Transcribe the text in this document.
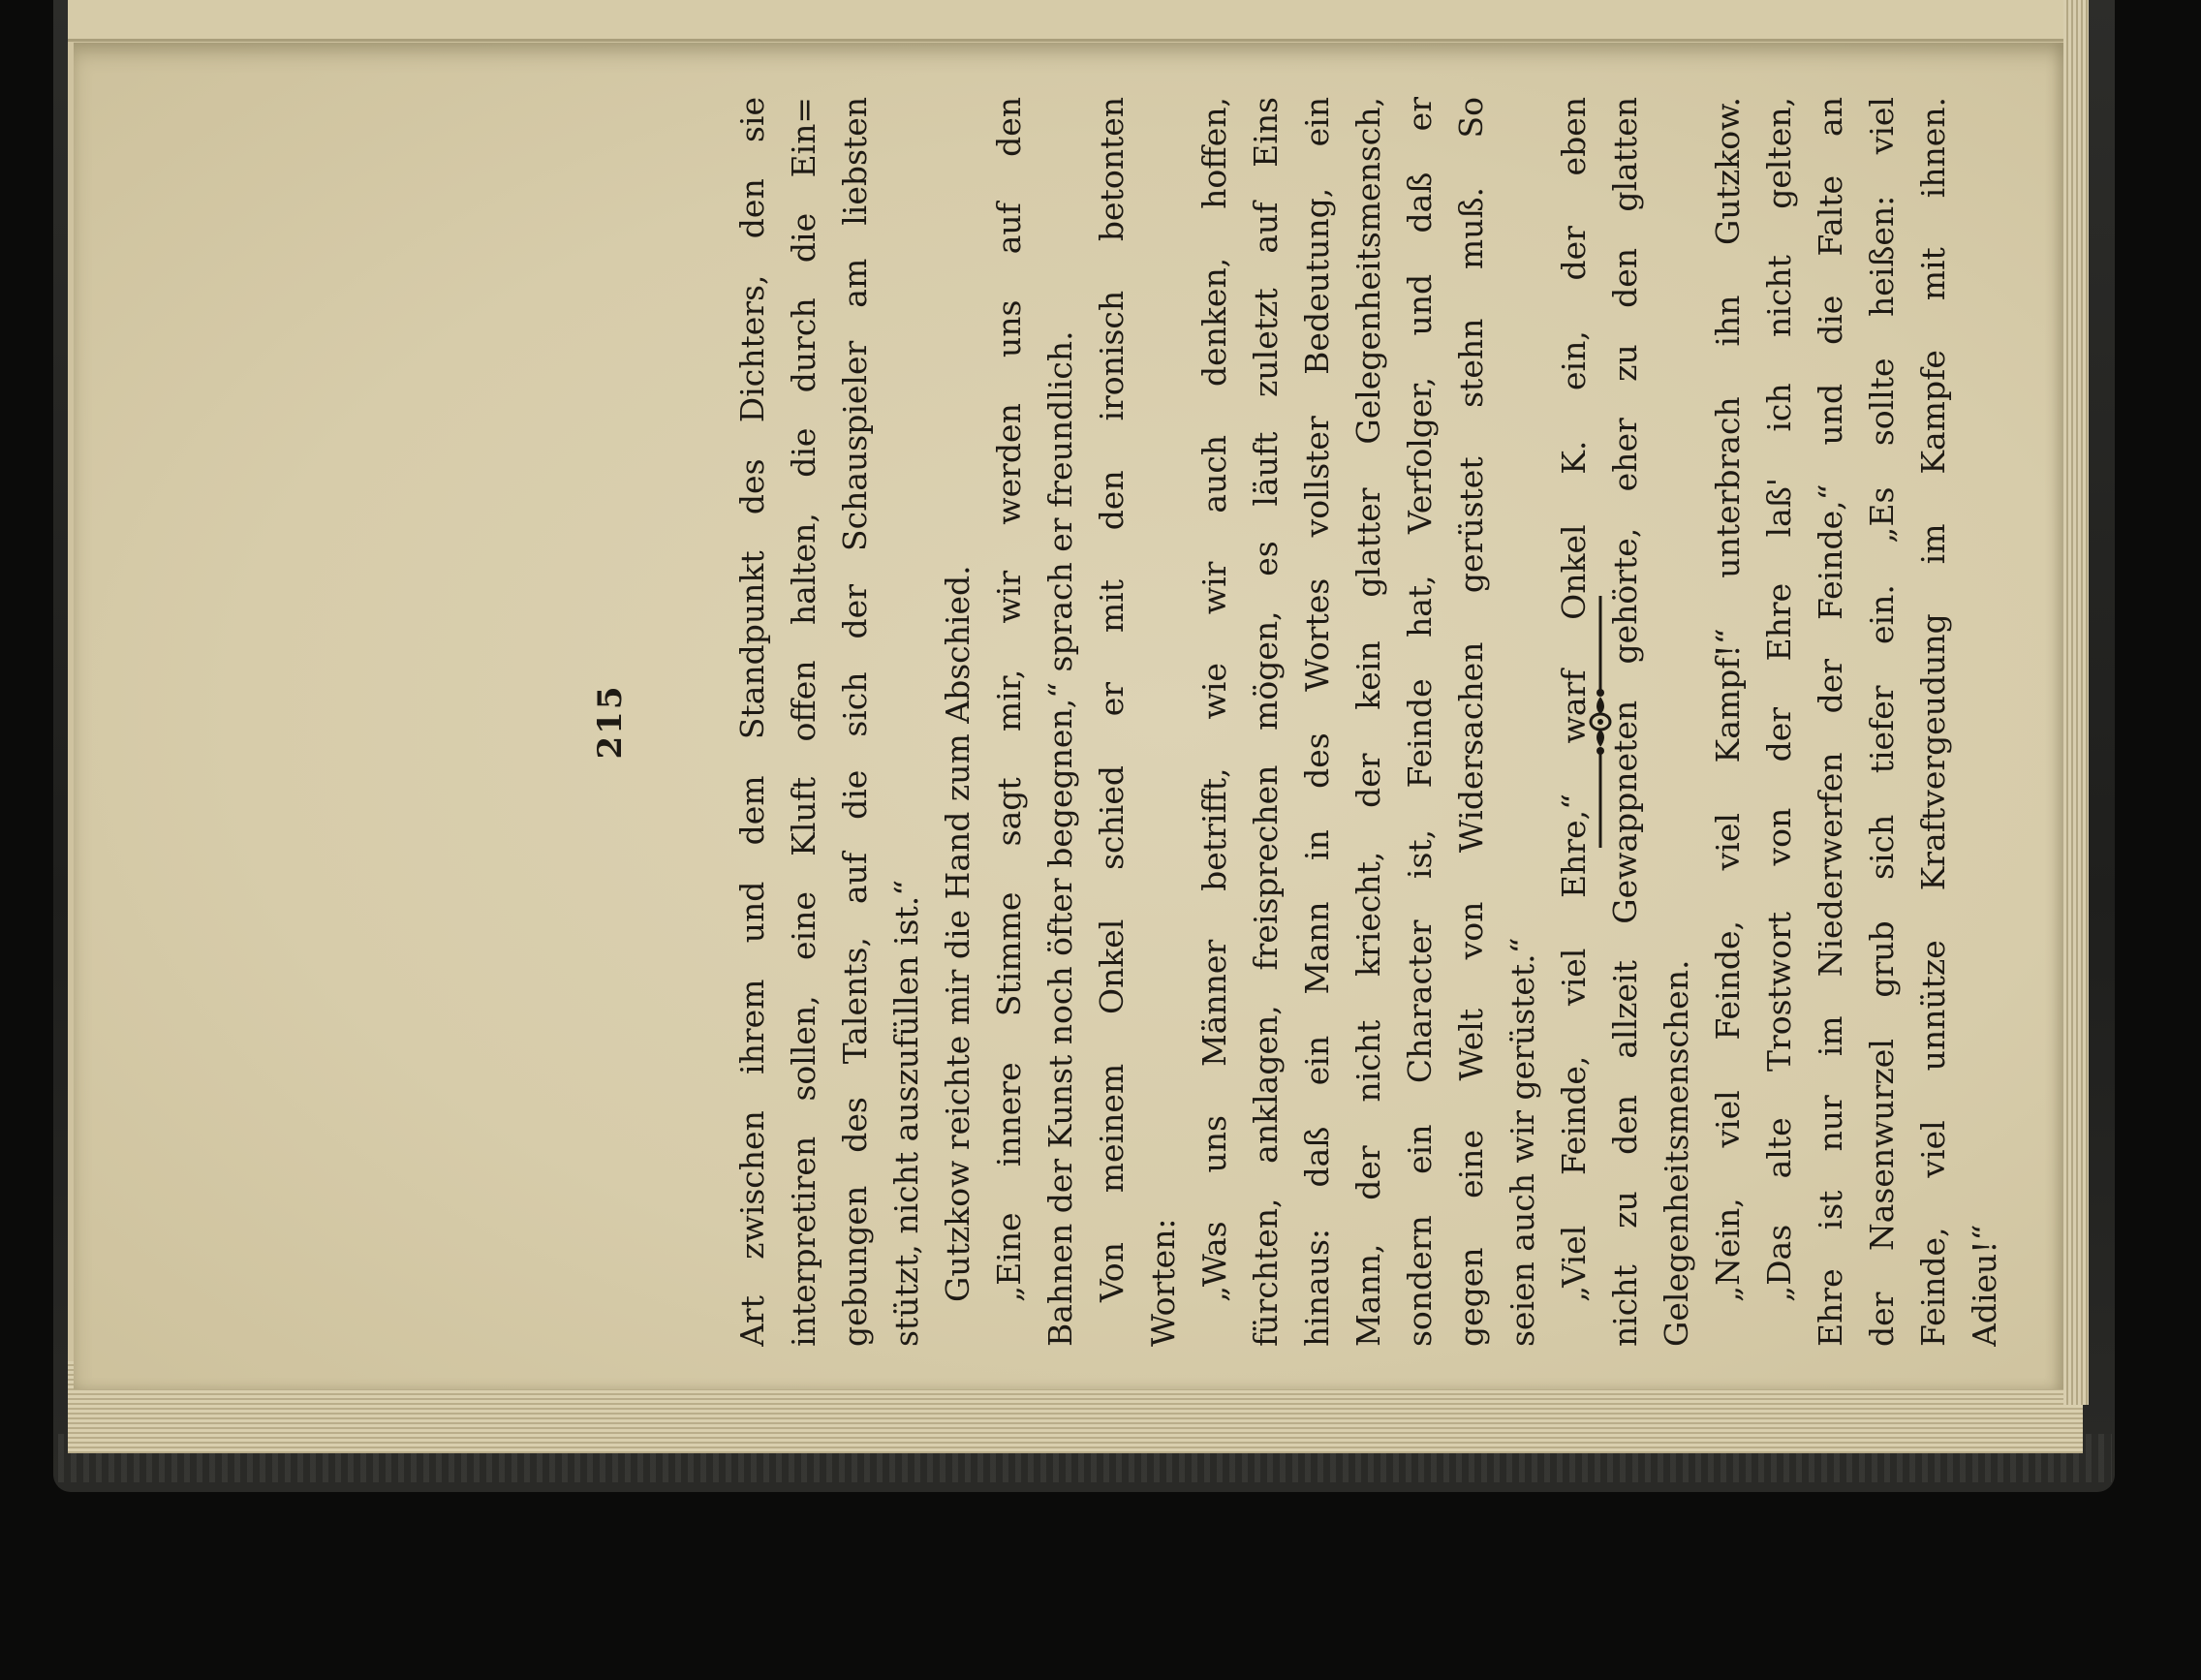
215	Art zwischen ihrem und dem Standpunkt des Dichters, den sie interpretiren sollen, eine Kluft offen halten, die durch die Ein= gebungen des Talents, auf die sich der Schauspieler am liebsten stützt, nicht auszufüllen ist.“ Gutzkow reichte mir die Hand zum Abschied. „Eine innere Stimme sagt mir, wir werden uns auf den Bahnen der Kunst noch öfter begegnen,“ sprach er freundlich. Von meinem Onkel schied er mit den ironisch betonten Worten: „Was uns Männer betrifft, wie wir auch denken, hoffen, fürchten, anklagen, freisprechen mögen, es läuft zuletzt auf Eins hinaus: daß ein Mann in des Wortes vollster Bedeutung, ein Mann, der nicht kriecht, der kein glatter Gelegenheitsmensch, sondern ein Character ist, Feinde hat, Verfolger, und daß er gegen eine Welt von Widersachen gerüstet stehn muß. So seien auch wir gerüstet.“ „Viel Feinde, viel Ehre,“ warf Onkel K. ein, der eben nicht zu den allzeit Gewappneten gehörte, eher zu den glatten Gelegenheitsmenschen. „Nein, viel Feinde, viel Kampf!“ unterbrach ihn Gutzkow. „Das alte Trostwort von der Ehre laß' ich nicht gelten, Ehre ist nur im Niederwerfen der Feinde,“ und die Falte an der Nasenwurzel grub sich tiefer ein. „Es sollte heißen: viel Feinde, viel unnütze Kraftvergeudung im Kampfe mit ihnen. Adieu!“
